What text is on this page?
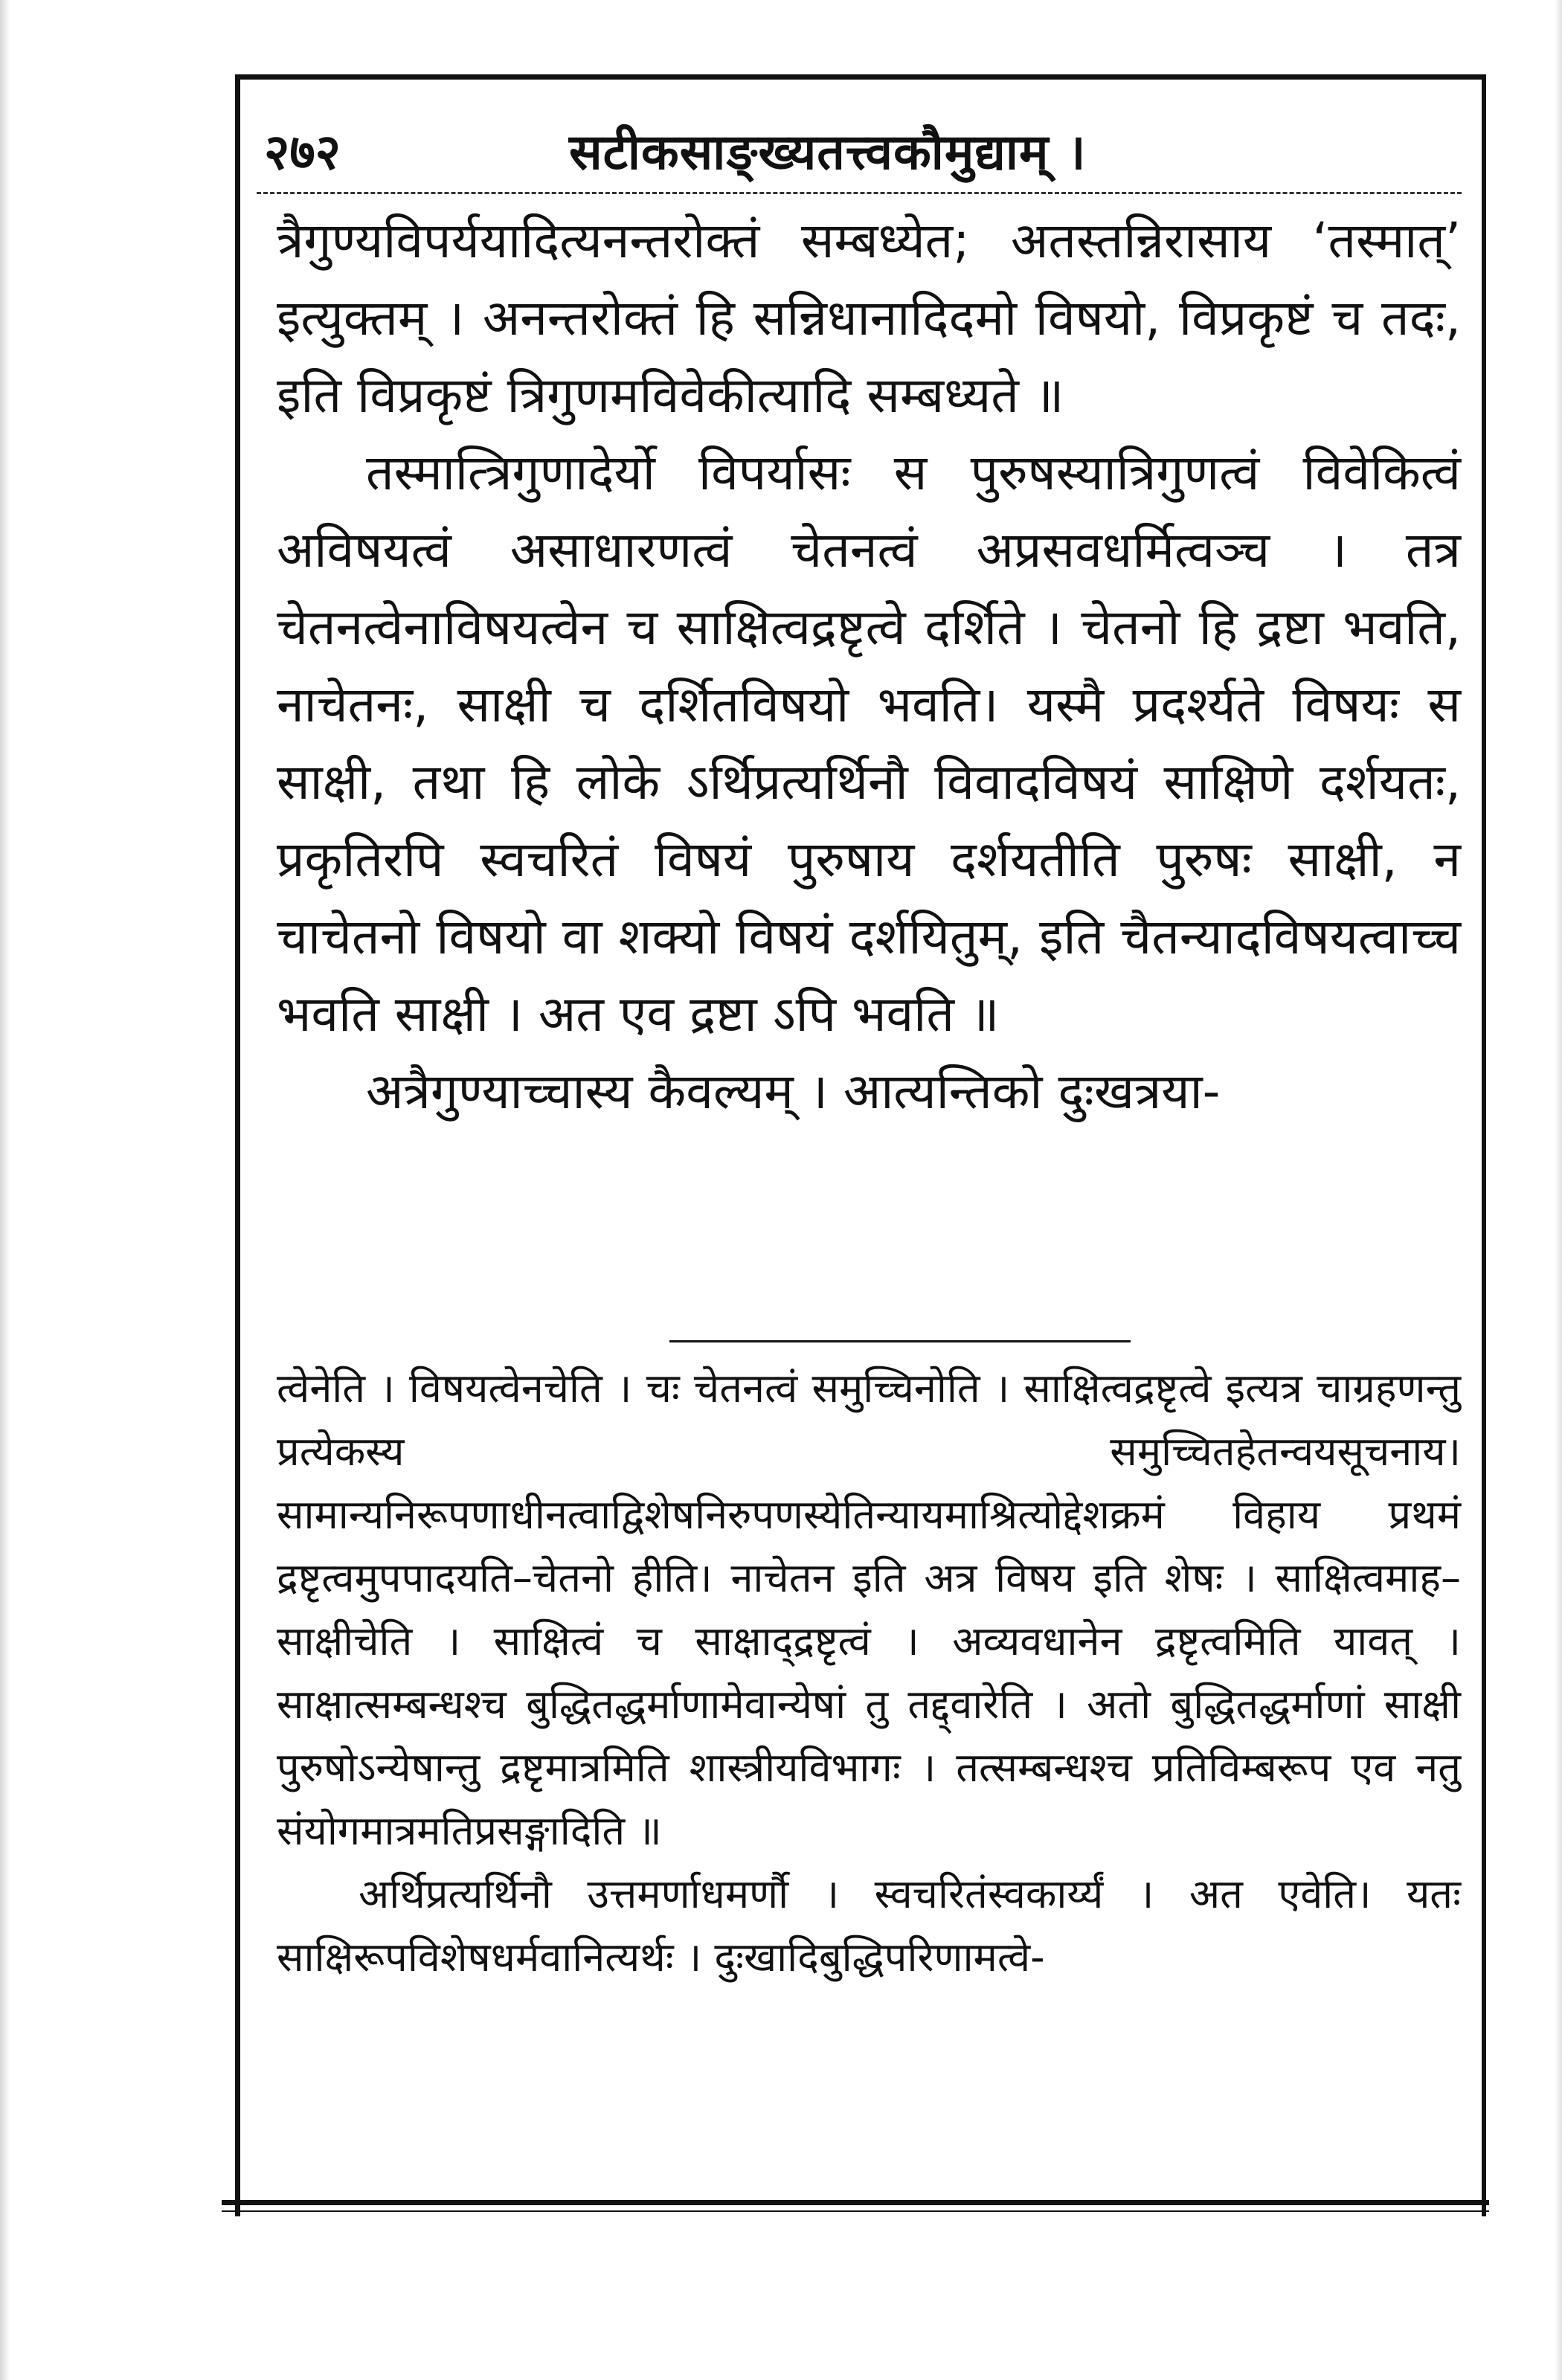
२७२	सटीकसाङ्ख्यतत्त्वकौमुद्याम् ।

त्रैगुण्यविपर्ययादित्यनन्तरोक्तं सम्बध्येत; अतस्तन्निरासाय ‘तस्मात्’ इत्युक्तम् । अनन्तरोक्तं हि सन्निधानादिदमो विषयो, विप्रकृष्टं च तदः, इति विप्रकृष्टं त्रिगुणमविवेकीत्यादि सम्बध्यते ॥

तस्मात्त्रिगुणादेर्यो विपर्यासः स पुरुषस्यात्रिगुणत्वं विवेकित्वं अविषयत्वं असाधारणत्वं चेतनत्वं अप्रसवधर्मित्वञ्च । तत्र चेतनत्वेनाविषयत्वेन च साक्षित्वद्रष्टृत्वे दर्शिते । चेतनो हि द्रष्टा भवति, नाचेतनः, साक्षी च दर्शितविषयो भवति। यस्मै प्रदर्श्यते विषयः स साक्षी, तथा हि लोके ऽर्थिप्रत्यर्थिनौ विवादविषयं साक्षिणे दर्शयतः, प्रकृतिरपि स्वचरितं विषयं पुरुषाय दर्शयतीति पुरुषः साक्षी, न चाचेतनो विषयो वा शक्यो विषयं दर्शयितुम्, इति चैतन्यादविषयत्वाच्च भवति साक्षी । अत एव द्रष्टा ऽपि भवति ॥

अत्रैगुण्याच्चास्य कैवल्यम् । आत्यन्तिको दुःखत्रया-

त्वेनेति । विषयत्वेनचेति । चः चेतनत्वं समुच्चिनोति । साक्षित्वद्रष्टृत्वे इत्यत्र चाग्रहणन्तु प्रत्येकस्य समुच्चितहेतन्वयसूचनाय। सामान्यनिरूपणाधीनत्वाद्विशेषनिरुपणस्येतिन्यायमाश्रित्योद्देशक्रमं विहाय प्रथमं द्रष्टृत्वमुपपादयति–चेतनो हीति। नाचेतन इति अत्र विषय इति शेषः । साक्षित्वमाह–साक्षीचेति । साक्षित्वं च साक्षाद्द्रष्टृत्वं । अव्यवधानेन द्रष्टृत्वमिति यावत् । साक्षात्सम्बन्धश्च बुद्धितद्धर्माणामेवान्येषां तु तद्द्वारेति । अतो बुद्धितद्धर्माणां साक्षी पुरुषोऽन्येषान्तु द्रष्टृमात्रमिति शास्त्रीयविभागः । तत्सम्बन्धश्च प्रतिविम्बरूप एव नतु संयोगमात्रमतिप्रसङ्गादिति ॥

अर्थिप्रत्यर्थिनौ उत्तमर्णाधमर्णौ । स्वचरितंस्वकार्य्यं । अत एवेति। यतः साक्षिरूपविशेषधर्मवानित्यर्थः । दुःखादिबुद्धिपरिणामत्वे-
